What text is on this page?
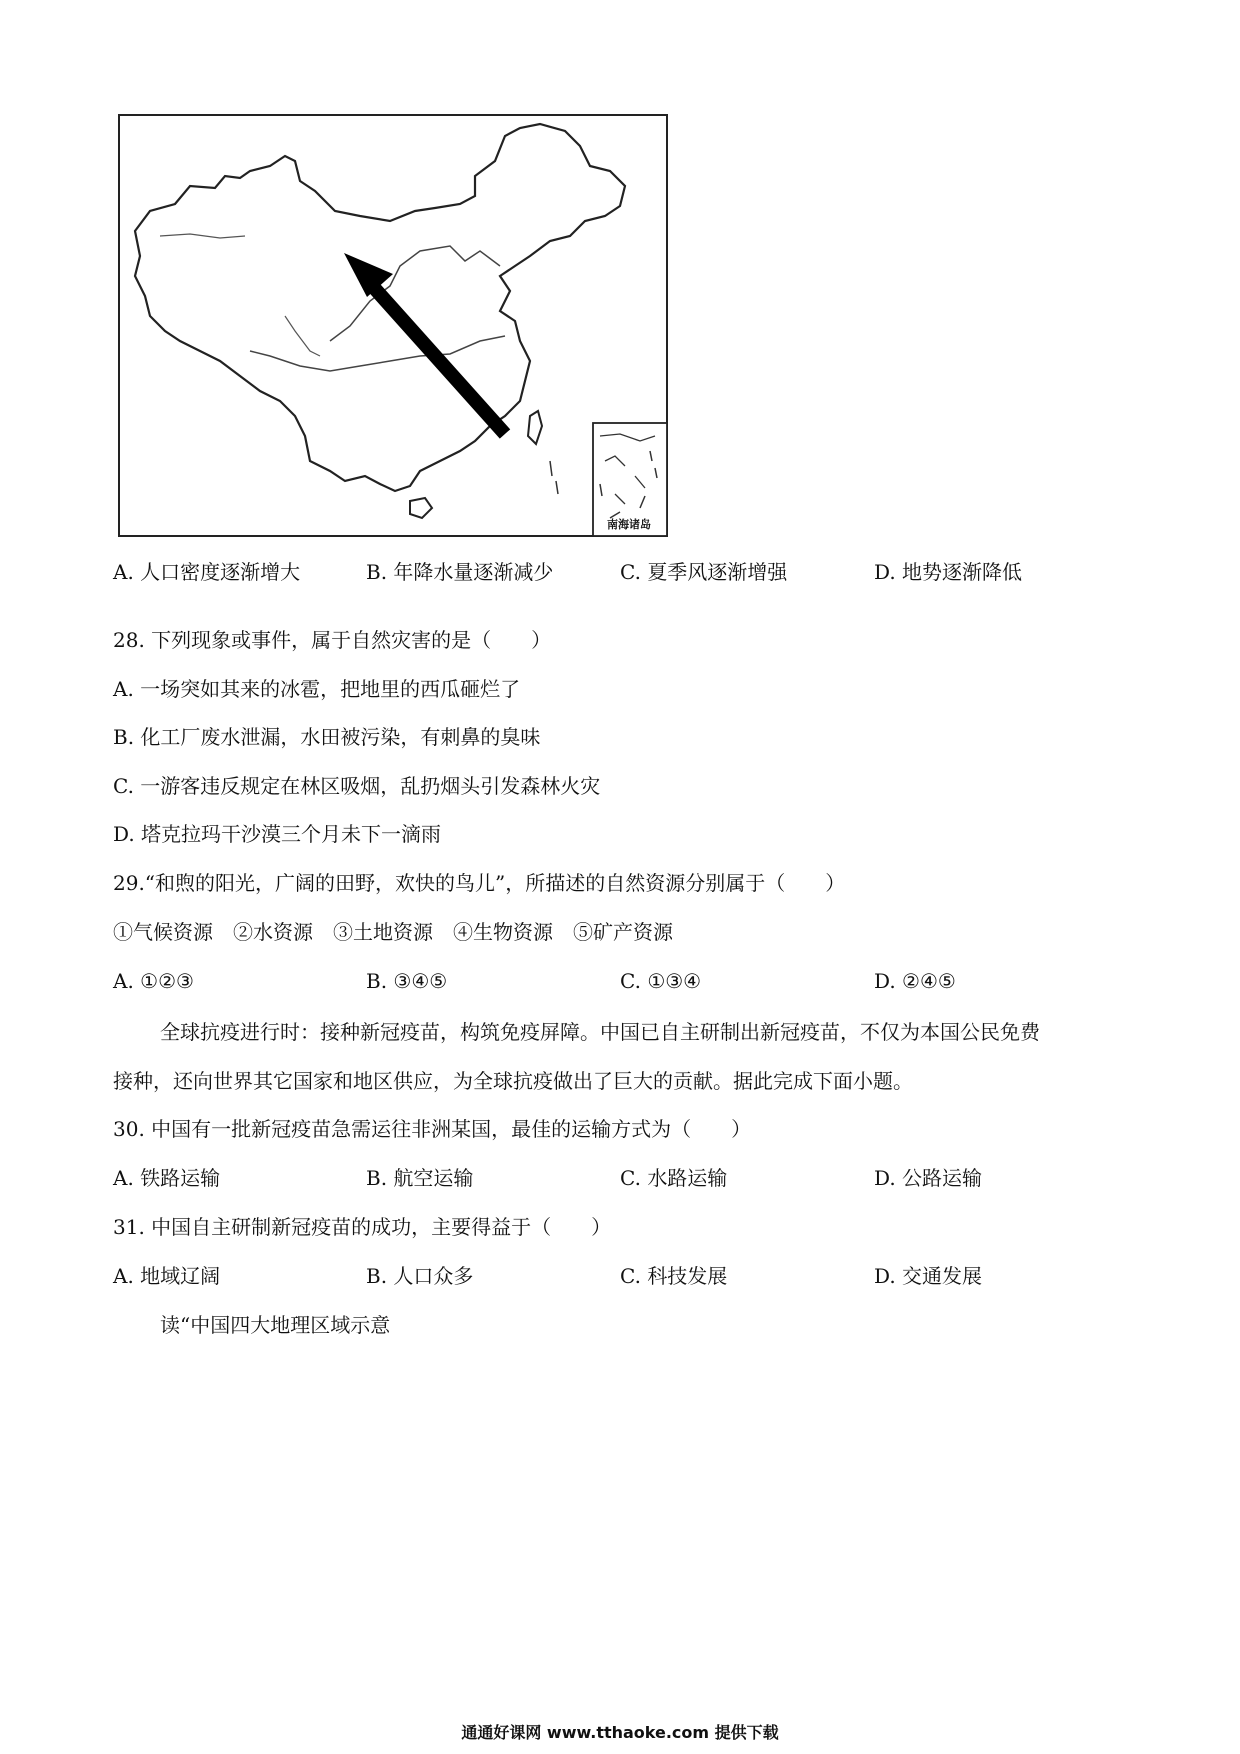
南海诸岛
A. 人口密度逐渐增大	B. 年降水量逐渐减少	C. 夏季风逐渐增强	D. 地势逐渐降低
28. 下列现象或事件，属于自然灾害的是（　　）
A. 一场突如其来的冰雹，把地里的西瓜砸烂了
B. 化工厂废水泄漏，水田被污染，有刺鼻的臭味
C. 一游客违反规定在林区吸烟，乱扔烟头引发森林火灾
D. 塔克拉玛干沙漠三个月未下一滴雨
29.“和煦的阳光，广阔的田野，欢快的鸟儿”，所描述的自然资源分别属于（　　）
①气候资源　②水资源　③土地资源　④生物资源　⑤矿产资源
A. ①②③	B. ③④⑤	C. ①③④	D. ②④⑤
全球抗疫进行时：接种新冠疫苗，构筑免疫屏障。中国已自主研制出新冠疫苗，不仅为本国公民免费
接种，还向世界其它国家和地区供应，为全球抗疫做出了巨大的贡献。据此完成下面小题。
30. 中国有一批新冠疫苗急需运往非洲某国，最佳的运输方式为（　　）
A. 铁路运输	B. 航空运输	C. 水路运输	D. 公路运输
31. 中国自主研制新冠疫苗的成功，主要得益于（　　）
A. 地域辽阔	B. 人口众多	C. 科技发展	D. 交通发展
读“中国四大地理区域示意
通通好课网 www.tthaoke.com 提供下载
